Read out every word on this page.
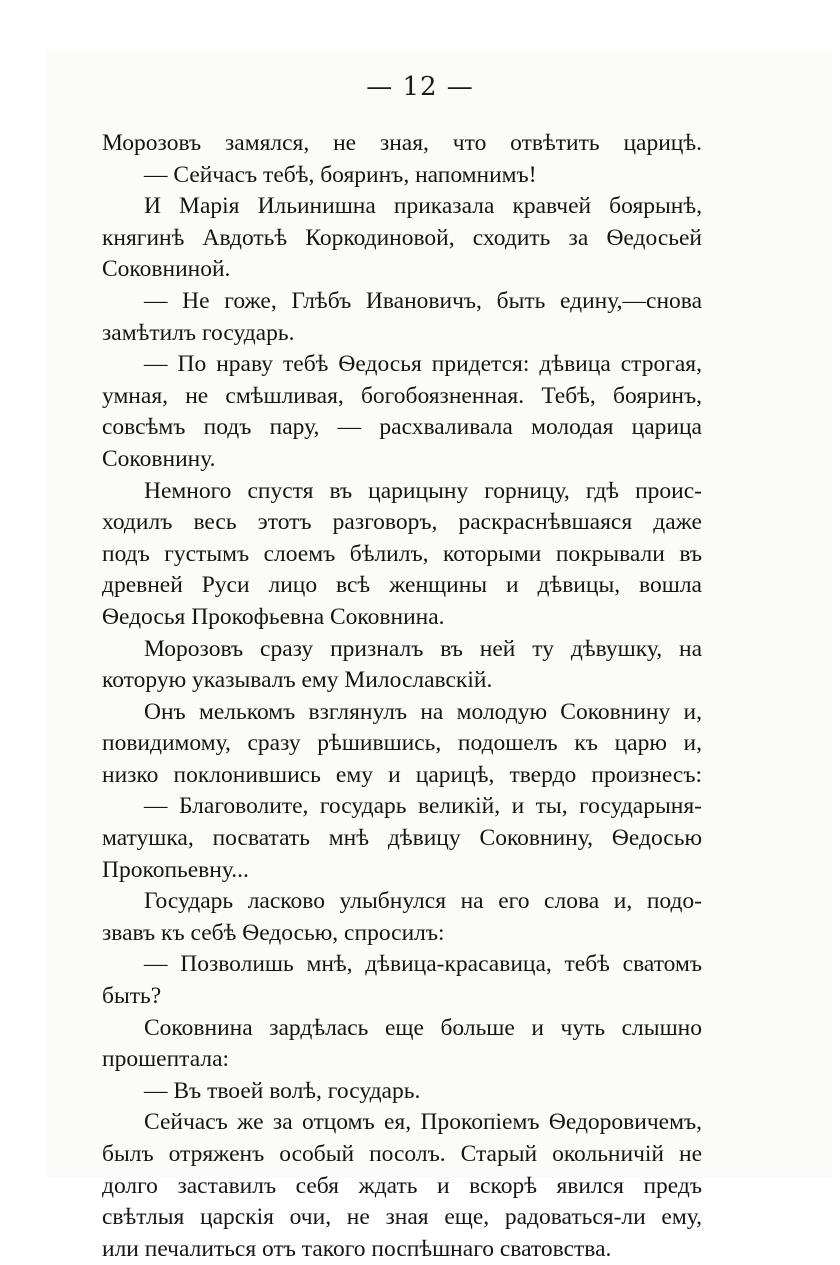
— 12 —
Морозовъ замялся, не зная, что отвѣтить царицѣ.
— Сейчасъ тебѣ, бояринъ, напомнимъ!
И Марія Ильинишна приказала кравчей боярынѣ,
княгинѣ Авдотьѣ Коркодиновой, сходить за Ѳедосьей
Соковниной.
— Не гоже, Глѣбъ Ивановичъ, быть едину,—снова
замѣтилъ государь.
— По нраву тебѣ Ѳедосья придется: дѣвица строгая,
умная, не смѣшливая, богобоязненная. Тебѣ, бояринъ,
совсѣмъ подъ пару, — расхваливала молодая царица
Соковнину.
Немного спустя въ царицыну горницу, гдѣ проис-
ходилъ весь этотъ разговоръ, раскраснѣвшаяся даже
подъ густымъ слоемъ бѣлилъ, которыми покрывали въ
древней Руси лицо всѣ женщины и дѣвицы, вошла
Ѳедосья Прокофьевна Соковнина.
Морозовъ сразу призналъ въ ней ту дѣвушку, на
которую указывалъ ему Милославскій.
Онъ мелькомъ взглянулъ на молодую Соковнину и,
повидимому, сразу рѣшившись, подошелъ къ царю и,
низко поклонившись ему и царицѣ, твердо произнесъ:
— Благоволите, государь великій, и ты, государыня-
матушка, посватать мнѣ дѣвицу Соковнину, Ѳедосью
Прокопьевну...
Государь ласково улыбнулся на его слова и, подо-
звавъ къ себѣ Ѳедосью, спросилъ:
— Позволишь мнѣ, дѣвица-красавица, тебѣ сватомъ
быть?
Соковнина зардѣлась еще больше и чуть слышно
прошептала:
— Въ твоей волѣ, государь.
Сейчасъ же за отцомъ ея, Прокопіемъ Ѳедоровичемъ,
былъ отряженъ особый посолъ. Старый окольничій не
долго заставилъ себя ждать и вскорѣ явился предъ
свѣтлыя царскія очи, не зная еще, радоваться-ли ему,
или печалиться отъ такого поспѣшнаго сватовства.
